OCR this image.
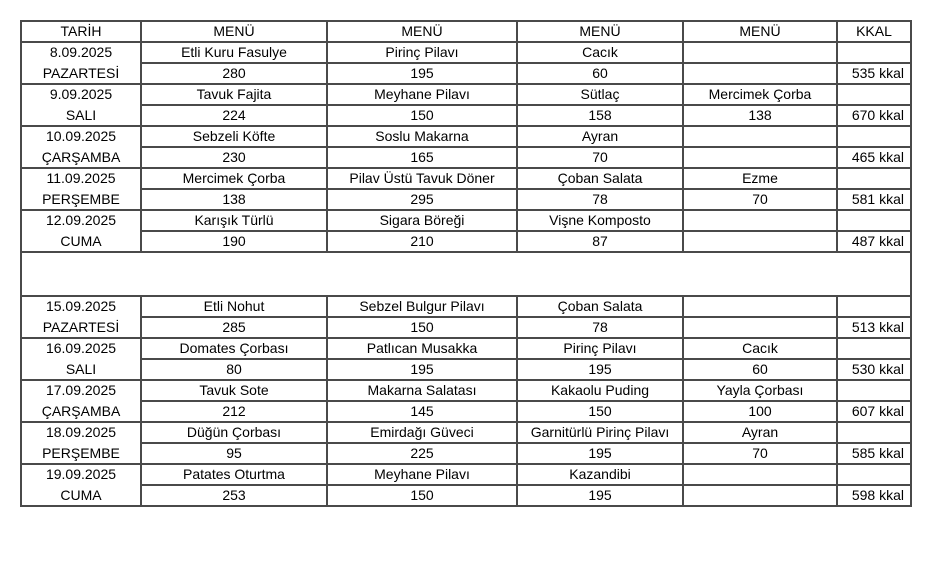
TARİH	MENÜ	MENÜ	MENÜ	MENÜ	KKAL
8.09.2025	Etli Kuru Fasulye	Pirinç Pilavı	Cacık		
PAZARTESİ	280	195	60		535 kkal
9.09.2025	Tavuk Fajita	Meyhane Pilavı	Sütlaç	Mercimek Çorba	
SALI	224	150	158	138	670 kkal
10.09.2025	Sebzeli Köfte	Soslu Makarna	Ayran		
ÇARŞAMBA	230	165	70		465 kkal
11.09.2025	Mercimek Çorba	Pilav Üstü Tavuk Döner	Çoban Salata	Ezme	
PERŞEMBE	138	295	78	70	581 kkal
12.09.2025	Karışık Türlü	Sigara Böreği	Vişne Komposto		
CUMA	190	210	87		487 kkal

15.09.2025	Etli Nohut	Sebzel Bulgur Pilavı	Çoban Salata		
PAZARTESİ	285	150	78		513 kkal
16.09.2025	Domates Çorbası	Patlıcan Musakka	Pirinç Pilavı	Cacık	
SALI	80	195	195	60	530 kkal
17.09.2025	Tavuk Sote	Makarna Salatası	Kakaolu Puding	Yayla Çorbası	
ÇARŞAMBA	212	145	150	100	607 kkal
18.09.2025	Düğün Çorbası	Emirdağı Güveci	Garnitürlü Pirinç Pilavı	Ayran	
PERŞEMBE	95	225	195	70	585 kkal
19.09.2025	Patates Oturtma	Meyhane Pilavı	Kazandibi		
CUMA	253	150	195		598 kkal
